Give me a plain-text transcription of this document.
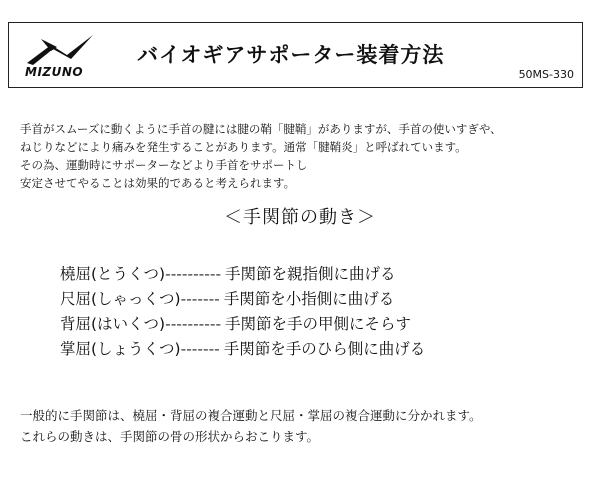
MIZUNO
バイオギアサポーター装着方法
50MS-330

手首がスムーズに動くように手首の腱には腱の鞘「腱鞘」がありますが、手首の使いすぎや、

ねじりなどにより痛みを発生することがあります。通常「腱鞘炎」と呼ばれています。

その為、運動時にサポーターなどより手首をサポートし

安定させてやることは効果的であると考えられます。

＜手関節の動き＞
橈屈(とうくつ) ---------- 手関節を親指側に曲げる
尺屈(しゃっくつ) ------- 手関節を小指側に曲げる
背屈(はいくつ) ---------- 手関節を手の甲側にそらす
掌屈(しょうくつ) ------- 手関節を手のひら側に曲げる

一般的に手関節は、橈屈・背屈の複合運動と尺屈・掌屈の複合運動に分かれます。

これらの動きは、手関節の骨の形状からおこります。
